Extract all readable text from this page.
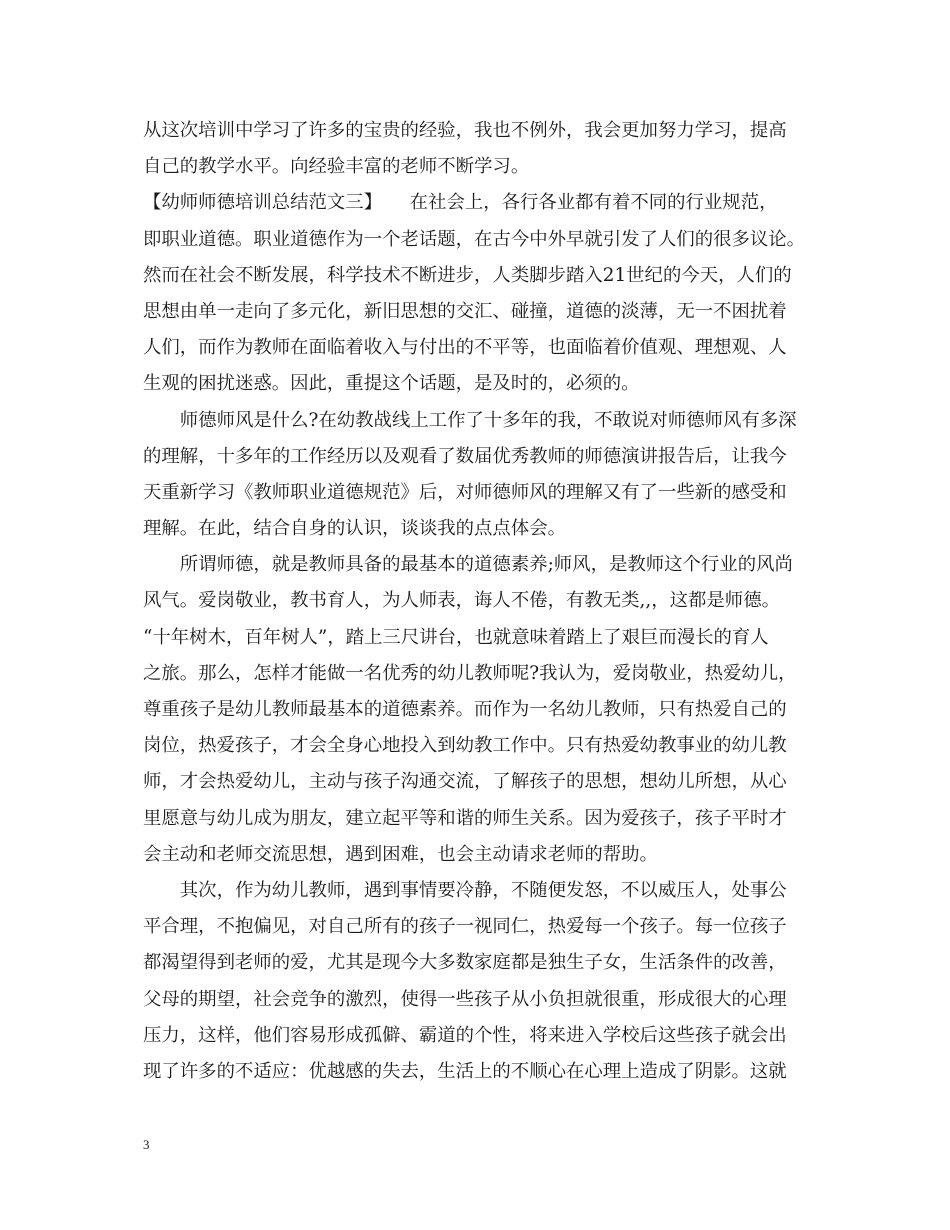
从这次培训中学习了许多的宝贵的经验，我也不例外，我会更加努力学习，提高
自己的教学水平。向经验丰富的老师不断学习。
【幼师师德培训总结范文三】　　在社会上，各行各业都有着不同的行业规范，
即职业道德。职业道德作为一个老话题，在古今中外早就引发了人们的很多议论。
然而在社会不断发展，科学技术不断进步，人类脚步踏入21世纪的今天，人们的
思想由单一走向了多元化，新旧思想的交汇、碰撞，道德的淡薄，无一不困扰着
人们，而作为教师在面临着收入与付出的不平等，也面临着价值观、理想观、人
生观的困扰迷惑。因此，重提这个话题，是及时的，必须的。
　　师德师风是什么?在幼教战线上工作了十多年的我，不敢说对师德师风有多深
的理解，十多年的工作经历以及观看了数届优秀教师的师德演讲报告后，让我今
天重新学习《教师职业道德规范》后，对师德师风的理解又有了一些新的感受和
理解。在此，结合自身的认识，谈谈我的点点体会。
　　所谓师德，就是教师具备的最基本的道德素养;师风，是教师这个行业的风尚
风气。爱岗敬业，教书育人，为人师表，诲人不倦，有教无类,,，这都是师德。
“十年树木，百年树人”，踏上三尺讲台，也就意味着踏上了艰巨而漫长的育人
之旅。那么，怎样才能做一名优秀的幼儿教师呢?我认为，爱岗敬业，热爱幼儿，
尊重孩子是幼儿教师最基本的道德素养。而作为一名幼儿教师，只有热爱自己的
岗位，热爱孩子，才会全身心地投入到幼教工作中。只有热爱幼教事业的幼儿教
师，才会热爱幼儿，主动与孩子沟通交流，了解孩子的思想，想幼儿所想，从心
里愿意与幼儿成为朋友，建立起平等和谐的师生关系。因为爱孩子，孩子平时才
会主动和老师交流思想，遇到困难，也会主动请求老师的帮助。
　　其次，作为幼儿教师，遇到事情要冷静，不随便发怒，不以威压人，处事公
平合理，不抱偏见，对自己所有的孩子一视同仁，热爱每一个孩子。每一位孩子
都渴望得到老师的爱，尤其是现今大多数家庭都是独生子女，生活条件的改善，
父母的期望，社会竞争的激烈，使得一些孩子从小负担就很重，形成很大的心理
压力，这样，他们容易形成孤僻、霸道的个性，将来进入学校后这些孩子就会出
现了许多的不适应：优越感的失去，生活上的不顺心在心理上造成了阴影。这就
3
